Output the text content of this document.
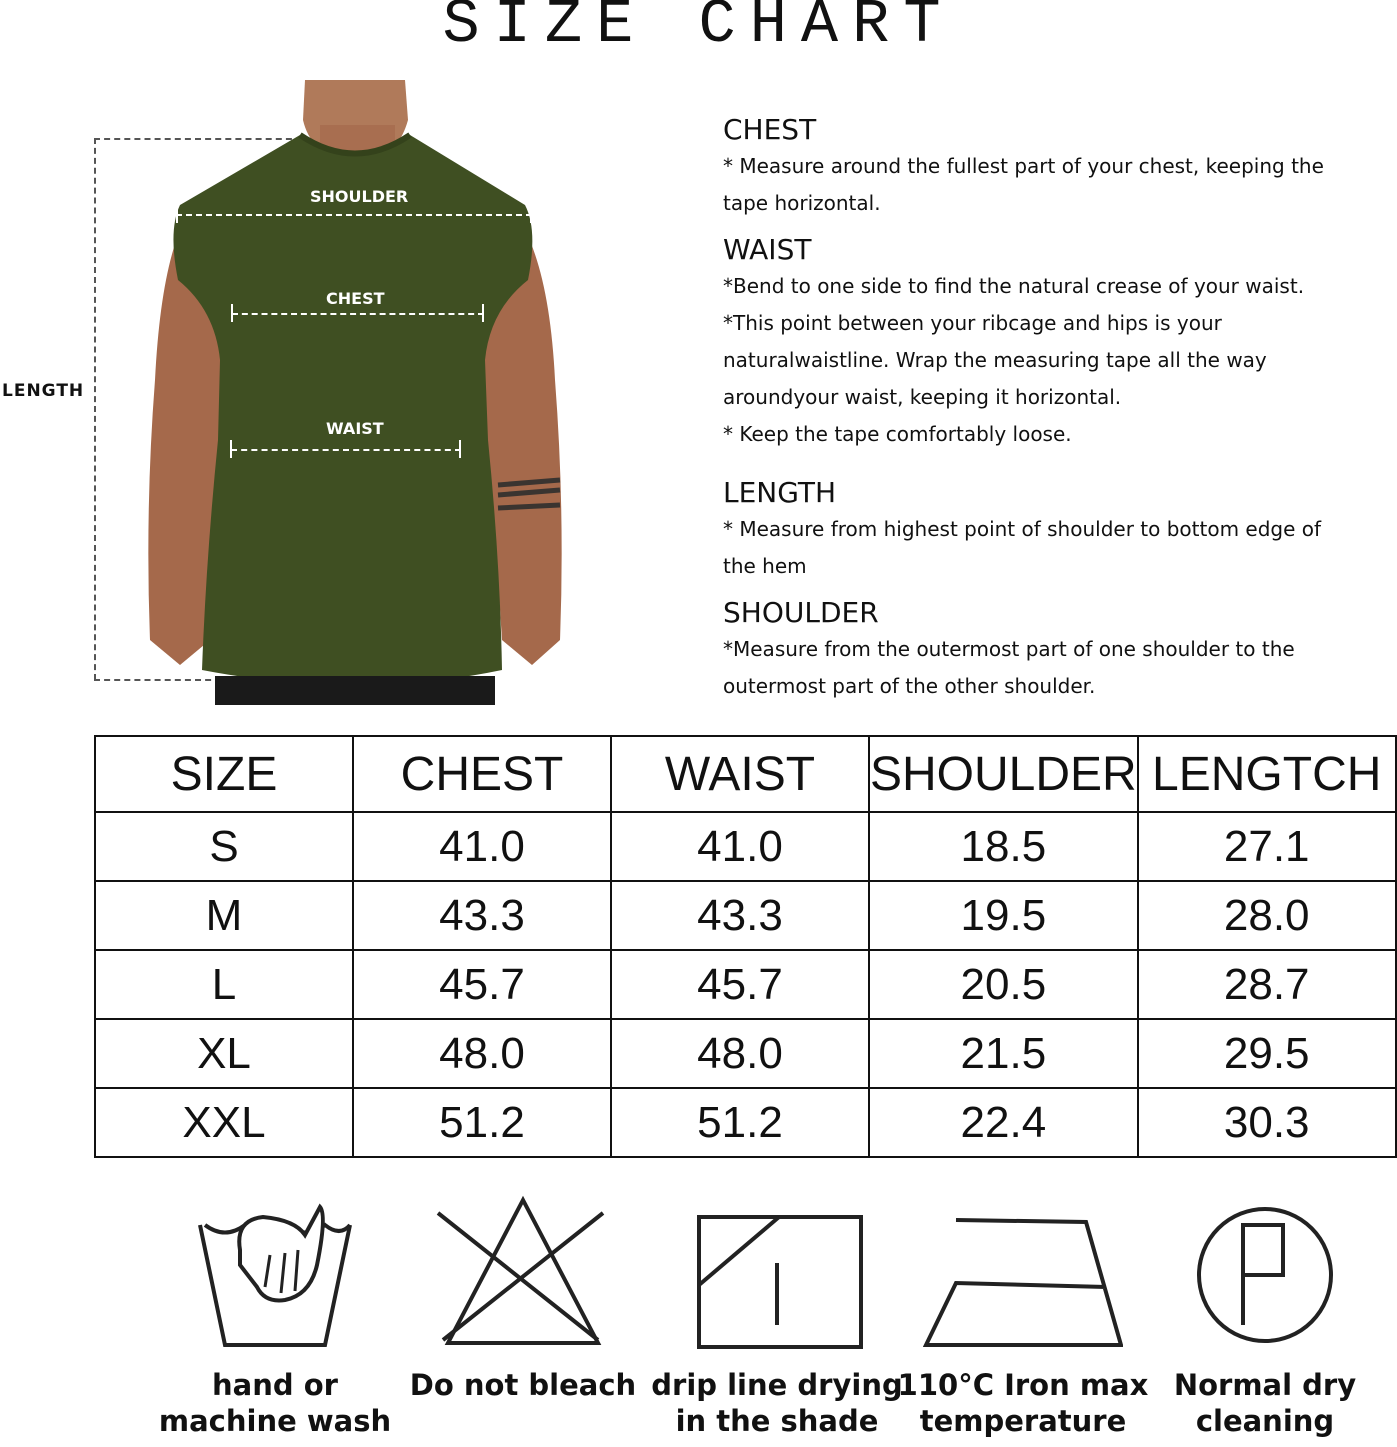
SIZE CHART
LENGTH
SHOULDER
CHEST
WAIST

CHEST

* Measure around the fullest part of your chest, keeping the

tape horizontal.

WAIST

*Bend to one side to find the natural crease of your waist.

*This point between your ribcage and hips is your

naturalwaistline. Wrap the measuring tape all the way

aroundyour waist, keeping it horizontal.

* Keep the tape comfortably loose.

LENGTH

* Measure from highest point of shoulder to bottom edge of

the hem

SHOULDER

*Measure from the outermost part of one shoulder to the

outermost part of the other shoulder.

SIZE	CHEST	WAIST	SHOULDER	LENGTCH
S	41.0	41.0	18.5	27.1
M	43.3	43.3	19.5	28.0
L	45.7	45.7	20.5	28.7
XL	48.0	48.0	21.5	29.5
XXL	51.2	51.2	22.4	30.3
hand or
machine wash
Do not bleach drip line drying
in the shade
110°C Iron max
temperature
Normal dry
cleaning
